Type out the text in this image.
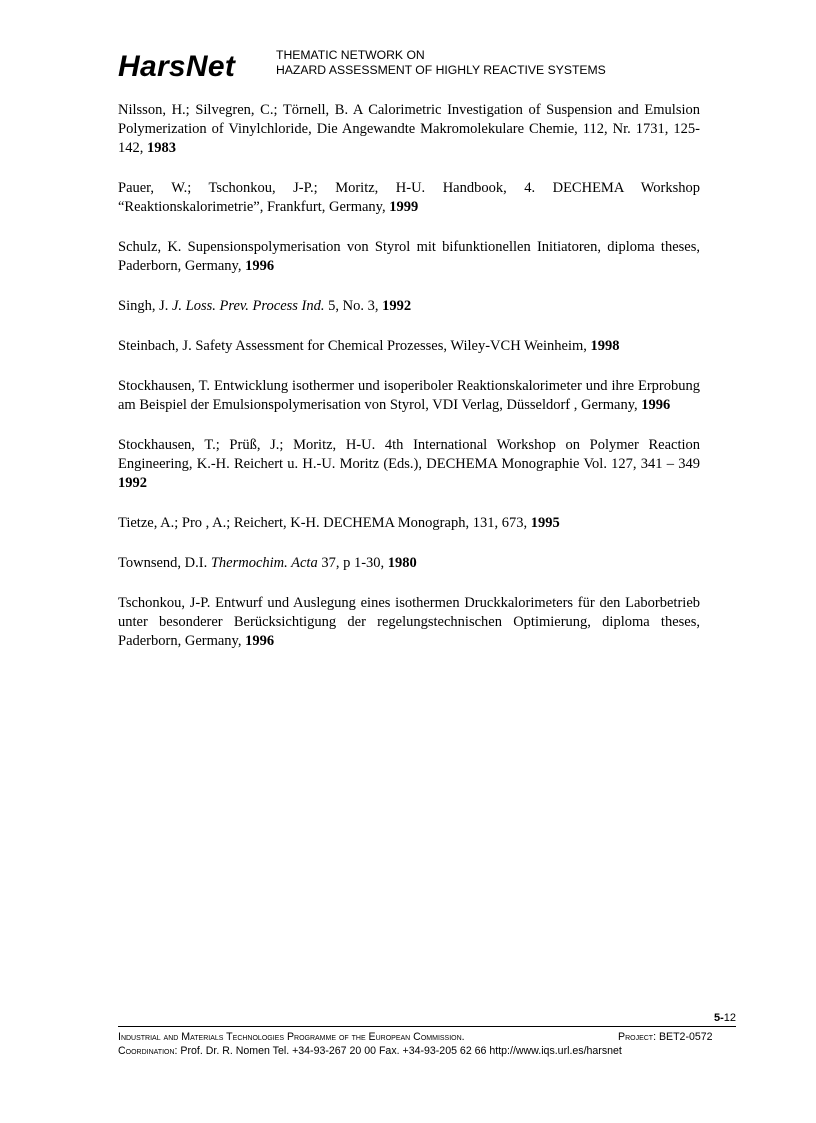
HarsNet	THEMATIC NETWORK ON
HAZARD ASSESSMENT OF HIGHLY REACTIVE SYSTEMS

Nilsson, H.; Silvegren, C.; Törnell, B. A Calorimetric Investigation of Suspension and Emulsion Polymerization of Vinylchloride, Die Angewandte Makromolekulare Chemie, 112, Nr. 1731, 125-142, 1983

Pauer, W.; Tschonkou, J-P.; Moritz, H-U. Handbook, 4. DECHEMA Workshop “Reaktionskalorimetrie”, Frankfurt, Germany, 1999

Schulz, K. Supensionspolymerisation von Styrol mit bifunktionellen Initiatoren, diploma theses, Paderborn, Germany, 1996

Singh, J. J. Loss. Prev. Process Ind. 5, No. 3, 1992

Steinbach, J. Safety Assessment for Chemical Prozesses, Wiley-VCH Weinheim, 1998

Stockhausen, T. Entwicklung isothermer und isoperiboler Reaktionskalorimeter und ihre Erprobung am Beispiel der Emulsionspolymerisation von Styrol, VDI Verlag, Düsseldorf , Germany, 1996

Stockhausen, T.; Prüß, J.; Moritz, H-U. 4th International Workshop on Polymer Reaction Engineering, K.-H. Reichert u. H.-U. Moritz (Eds.), DECHEMA Monographie Vol. 127, 341 – 349 1992

Tietze, A.; Pro , A.; Reichert, K-H. DECHEMA Monograph, 131, 673, 1995

Townsend, D.I. Thermochim. Acta 37, p 1-30, 1980

Tschonkou, J-P. Entwurf und Auslegung eines isothermen Druckkalorimeters für den Laborbetrieb unter besonderer Berücksichtigung der regelungstechnischen Optimierung, diploma theses, Paderborn, Germany, 1996

5-12
Industrial and Materials Technologies Programme of the European Commission.	Project: BET2-0572
Coordination: Prof. Dr. R. Nomen Tel. +34-93-267 20 00 Fax. +34-93-205 62 66 http://www.iqs.url.es/harsnet
